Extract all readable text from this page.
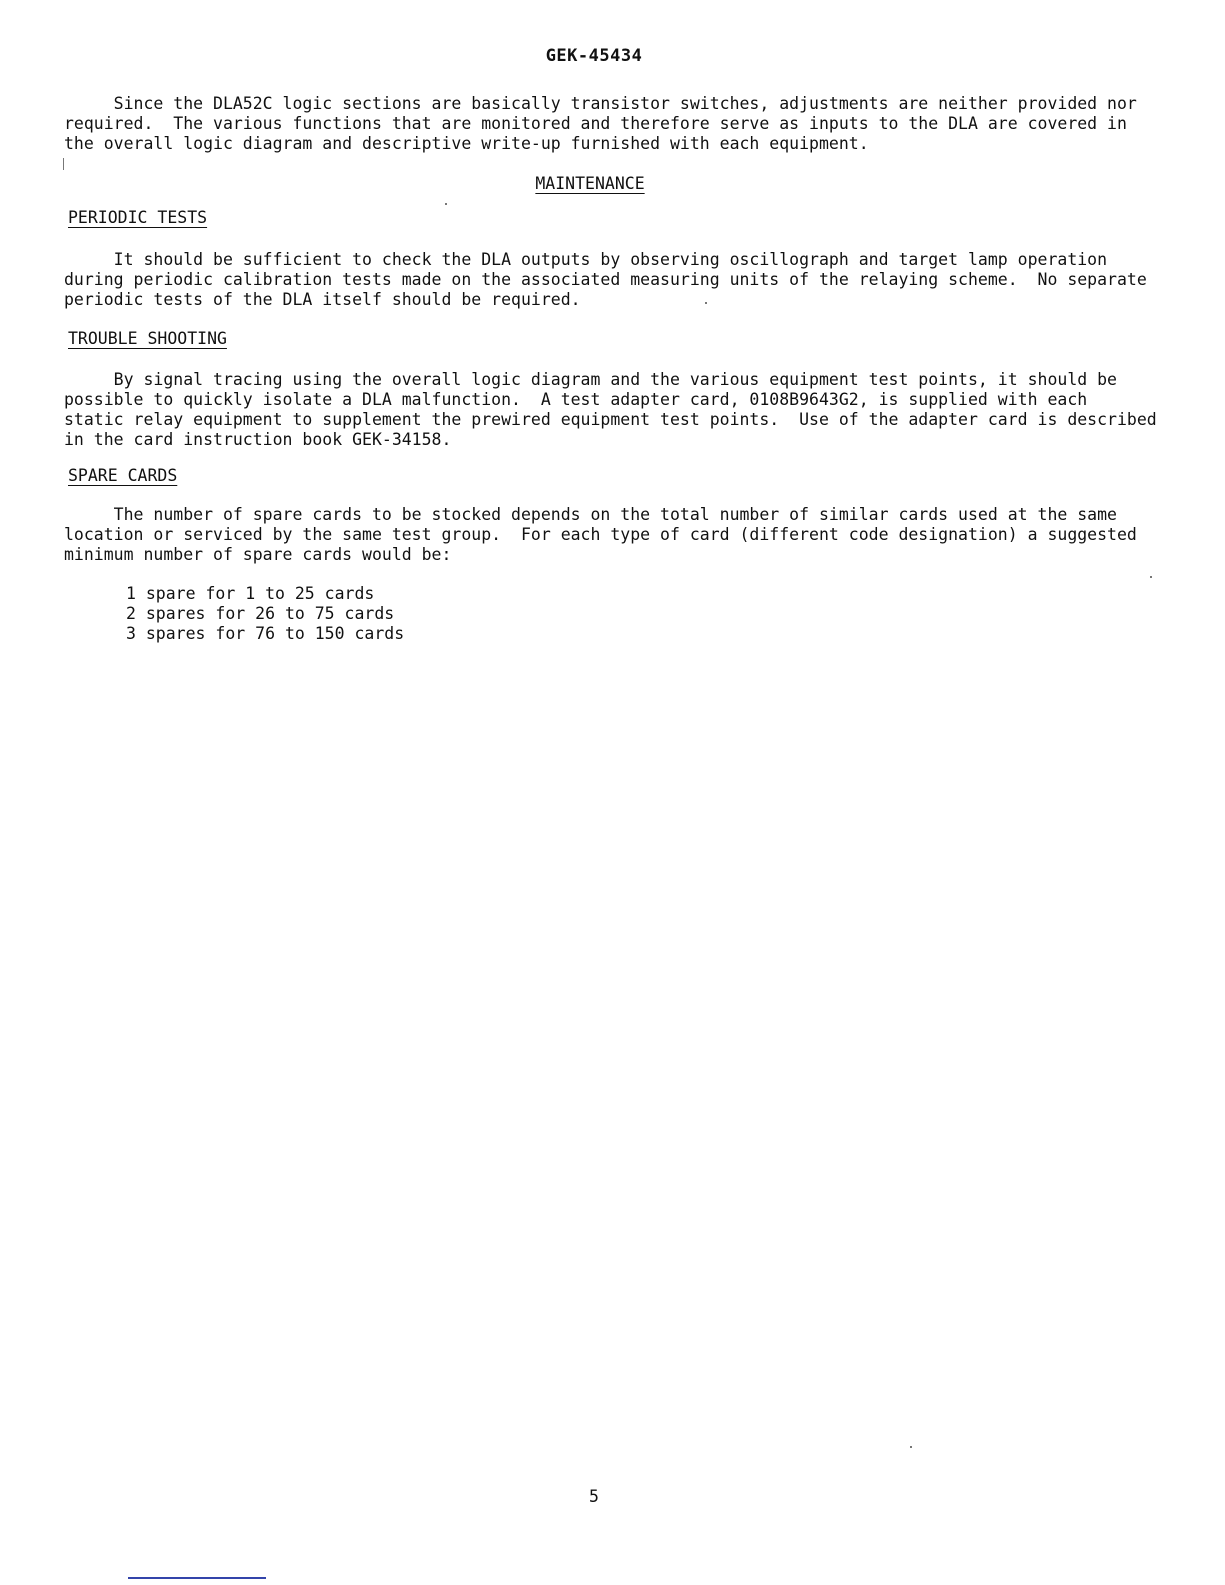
GEK-45434

Since the DLA52C logic sections are basically transistor switches, adjustments are neither provided nor
required.  The various functions that are monitored and therefore serve as inputs to the DLA are covered in
the overall logic diagram and descriptive write-up furnished with each equipment.

MAINTENANCE
PERIODIC TESTS

It should be sufficient to check the DLA outputs by observing oscillograph and target lamp operation
during periodic calibration tests made on the associated measuring units of the relaying scheme.  No separate
periodic tests of the DLA itself should be required.

TROUBLE SHOOTING

By signal tracing using the overall logic diagram and the various equipment test points, it should be
possible to quickly isolate a DLA malfunction.  A test adapter card, 0108B9643G2, is supplied with each
static relay equipment to supplement the prewired equipment test points.  Use of the adapter card is described
in the card instruction book GEK-34158.

SPARE CARDS

The number of spare cards to be stocked depends on the total number of similar cards used at the same
location or serviced by the same test group.  For each type of card (different code designation) a suggested
minimum number of spare cards would be:

1 spare for 1 to 25 cards
2 spares for 26 to 75 cards
3 spares for 76 to 150 cards
5
